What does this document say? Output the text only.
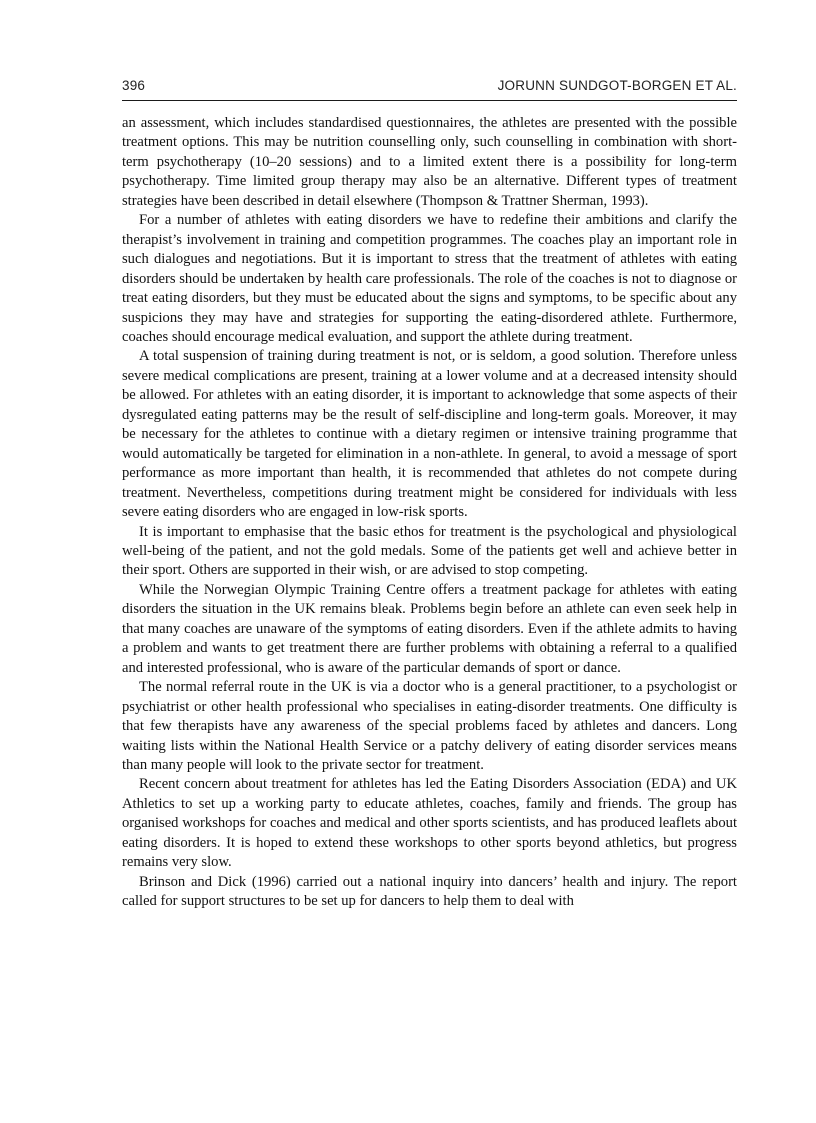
396	JORUNN SUNDGOT-BORGEN ET AL.

an assessment, which includes standardised questionnaires, the athletes are presented with the possible treatment options. This may be nutrition counselling only, such counselling in combination with short-term psychotherapy (10–20 sessions) and to a limited extent there is a possibility for long-term psychotherapy. Time limited group therapy may also be an alternative. Different types of treatment strategies have been described in detail elsewhere (Thompson & Trattner Sherman, 1993).

For a number of athletes with eating disorders we have to redefine their ambitions and clarify the therapist’s involvement in training and competition programmes. The coaches play an important role in such dialogues and negotiations. But it is important to stress that the treatment of athletes with eating disorders should be undertaken by health care professionals. The role of the coaches is not to diagnose or treat eating disorders, but they must be educated about the signs and symptoms, to be specific about any suspicions they may have and strategies for supporting the eating-disordered athlete. Furthermore, coaches should encourage medical evaluation, and support the athlete during treatment.

A total suspension of training during treatment is not, or is seldom, a good solution. Therefore unless severe medical complications are present, training at a lower volume and at a decreased intensity should be allowed. For athletes with an eating disorder, it is important to acknowledge that some aspects of their dysregulated eating patterns may be the result of self-discipline and long-term goals. Moreover, it may be necessary for the athletes to continue with a dietary regimen or intensive training programme that would automatically be targeted for elimination in a non-athlete. In general, to avoid a message of sport performance as more important than health, it is recommended that athletes do not compete during treatment. Nevertheless, competitions during treatment might be considered for individuals with less severe eating disorders who are engaged in low-risk sports.

It is important to emphasise that the basic ethos for treatment is the psychological and physiological well-being of the patient, and not the gold medals. Some of the patients get well and achieve better in their sport. Others are supported in their wish, or are advised to stop competing.

While the Norwegian Olympic Training Centre offers a treatment package for athletes with eating disorders the situation in the UK remains bleak. Problems begin before an athlete can even seek help in that many coaches are unaware of the symptoms of eating disorders. Even if the athlete admits to having a problem and wants to get treatment there are further problems with obtaining a referral to a qualified and interested professional, who is aware of the particular demands of sport or dance.

The normal referral route in the UK is via a doctor who is a general practitioner, to a psychologist or psychiatrist or other health professional who specialises in eating-disorder treatments. One difficulty is that few therapists have any awareness of the special problems faced by athletes and dancers. Long waiting lists within the National Health Service or a patchy delivery of eating disorder services means than many people will look to the private sector for treatment.

Recent concern about treatment for athletes has led the Eating Disorders Association (EDA) and UK Athletics to set up a working party to educate athletes, coaches, family and friends. The group has organised workshops for coaches and medical and other sports scientists, and has produced leaflets about eating disorders. It is hoped to extend these workshops to other sports beyond athletics, but progress remains very slow.

Brinson and Dick (1996) carried out a national inquiry into dancers’ health and injury. The report called for support structures to be set up for dancers to help them to deal with
